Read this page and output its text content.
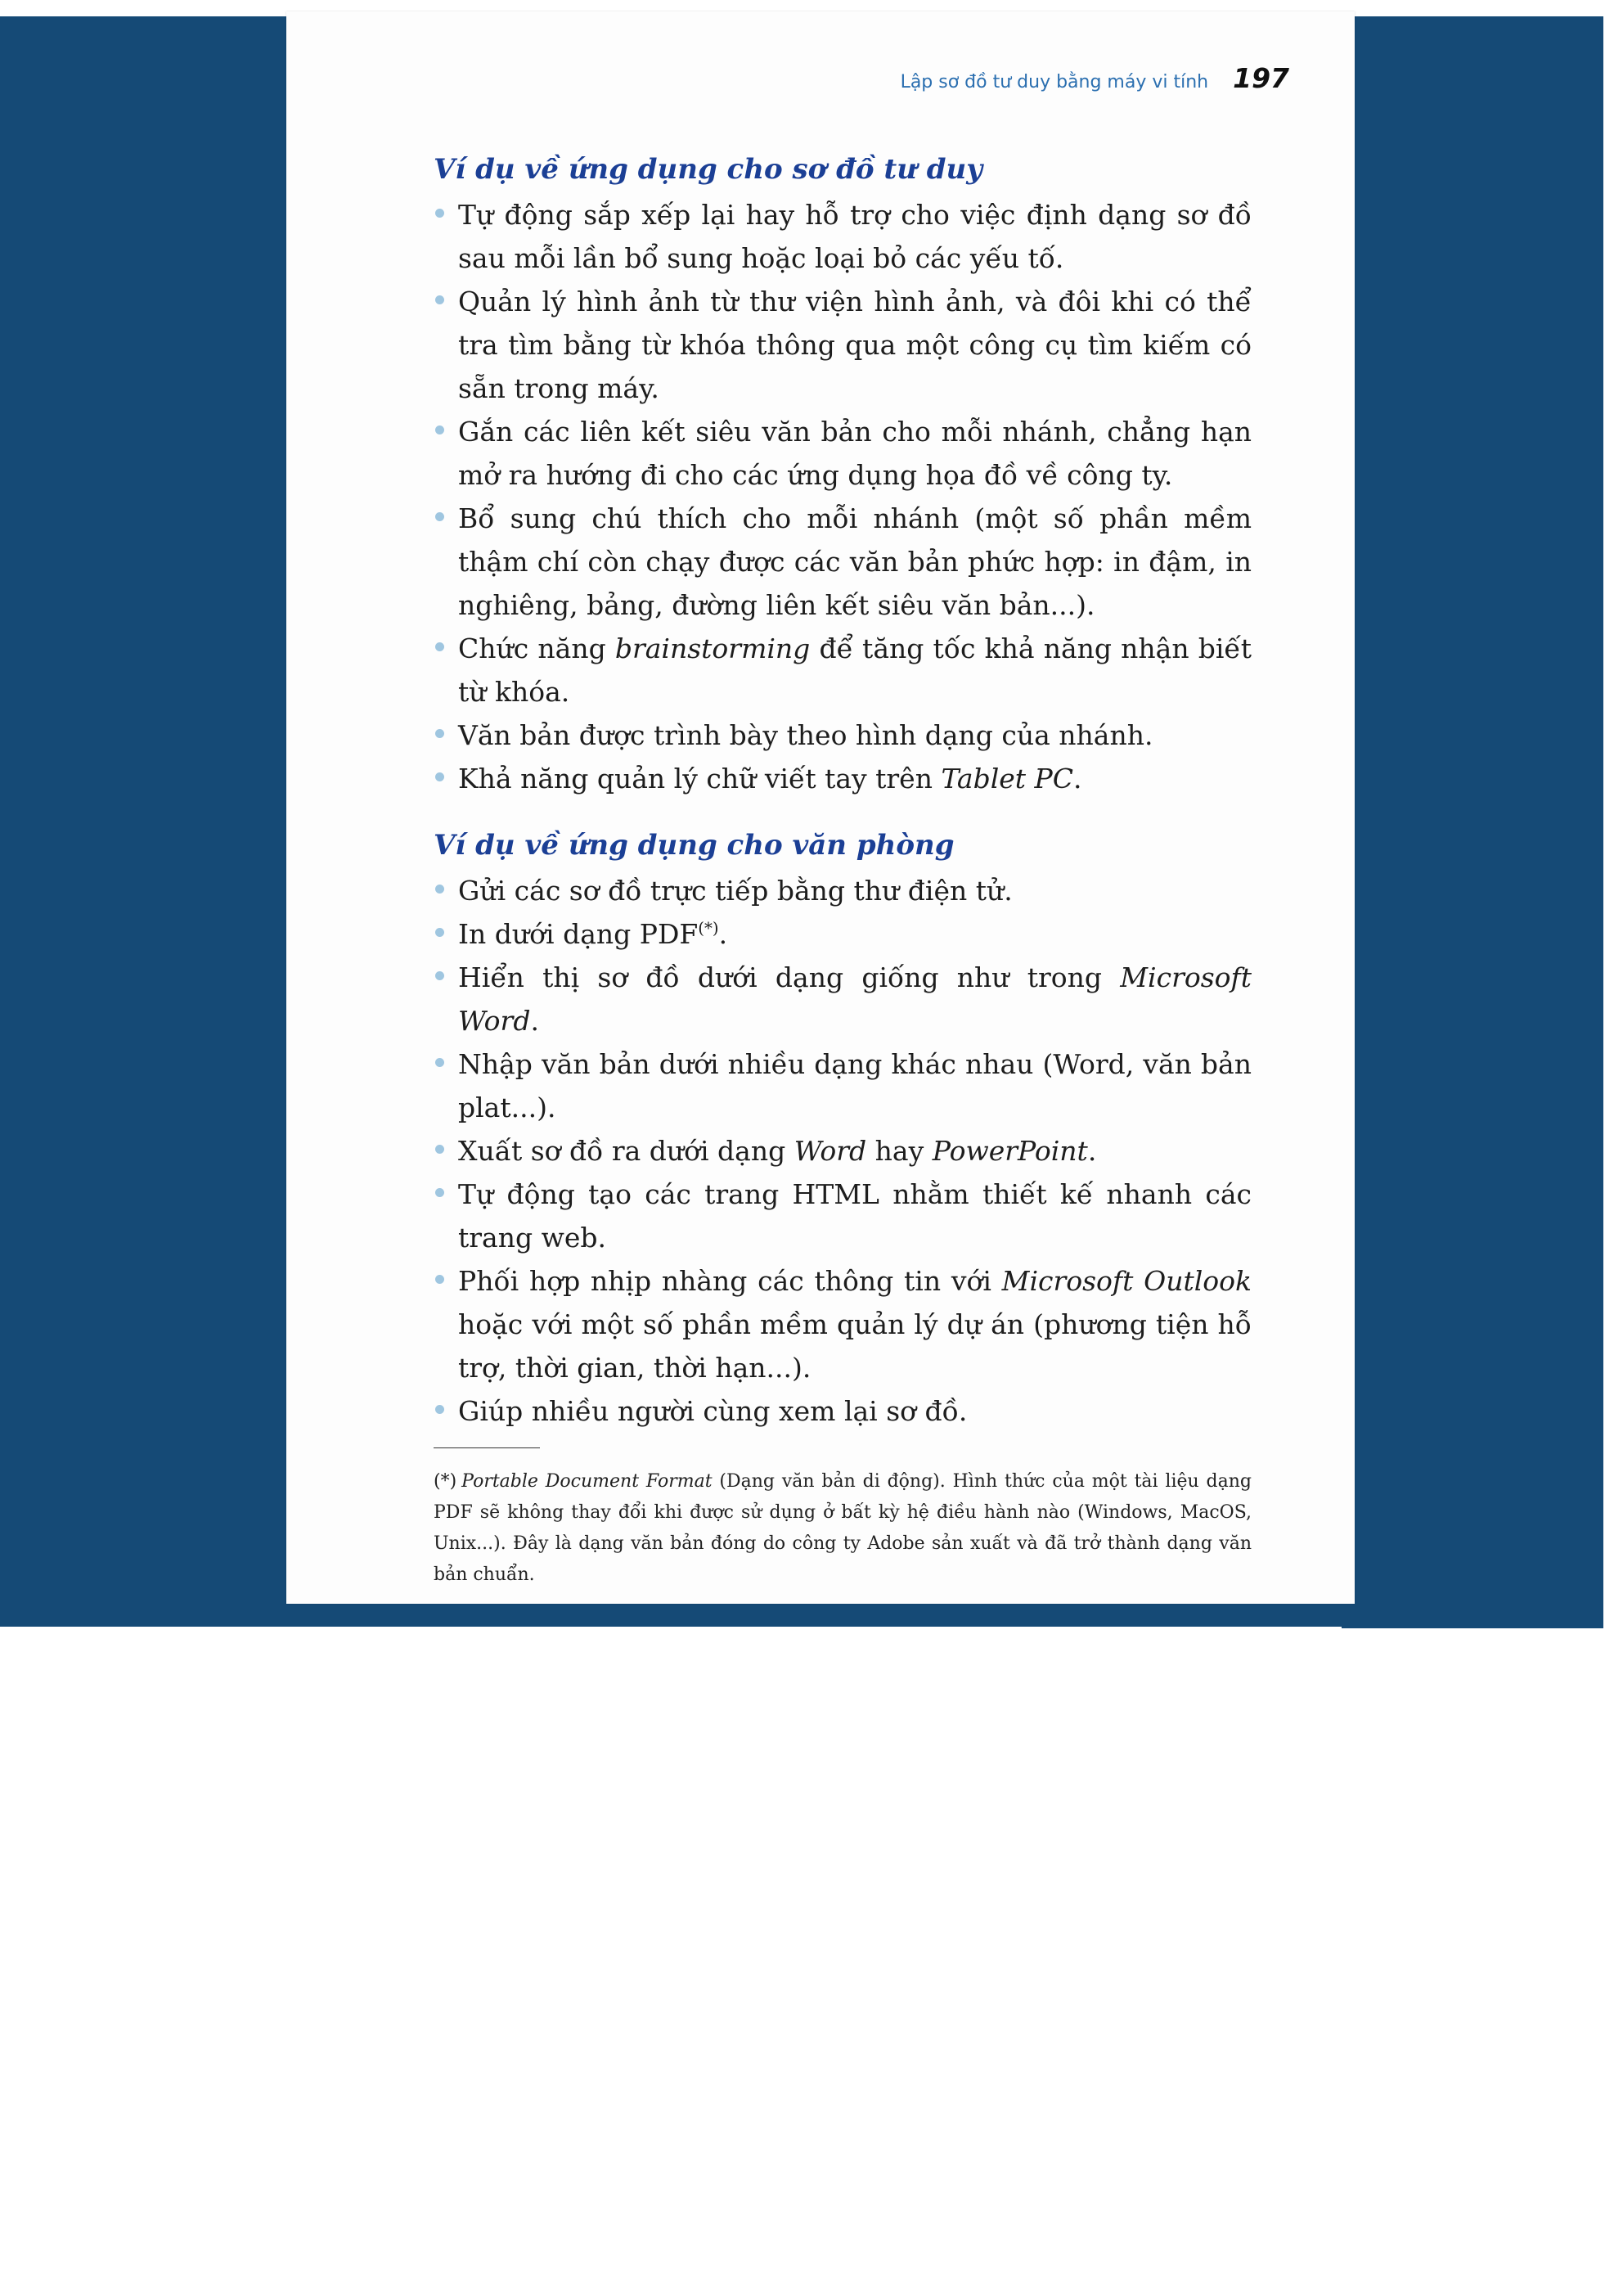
Lập sơ đồ tư duy bằng máy vi tính 197
Ví dụ về ứng dụng cho sơ đồ tư duy
Tự động sắp xếp lại hay hỗ trợ cho việc định dạng sơ đồ sau mỗi lần bổ sung hoặc loại bỏ các yếu tố.
Quản lý hình ảnh từ thư viện hình ảnh, và đôi khi có thể tra tìm bằng từ khóa thông qua một công cụ tìm kiếm có sẵn trong máy.
Gắn các liên kết siêu văn bản cho mỗi nhánh, chẳng hạn mở ra hướng đi cho các ứng dụng họa đồ về công ty.
Bổ sung chú thích cho mỗi nhánh (một số phần mềm thậm chí còn chạy được các văn bản phức hợp: in đậm, in nghiêng, bảng, đường liên kết siêu văn bản...).
Chức năng brainstorming để tăng tốc khả năng nhận biết từ khóa.
Văn bản được trình bày theo hình dạng của nhánh.
Khả năng quản lý chữ viết tay trên Tablet PC.
Ví dụ về ứng dụng cho văn phòng
Gửi các sơ đồ trực tiếp bằng thư điện tử.
In dưới dạng PDF(*).
Hiển thị sơ đồ dưới dạng giống như trong Microsoft Word.
Nhập văn bản dưới nhiều dạng khác nhau (Word, văn bản plat...).
Xuất sơ đồ ra dưới dạng Word hay PowerPoint.
Tự động tạo các trang HTML nhằm thiết kế nhanh các trang web.
Phối hợp nhịp nhàng các thông tin với Microsoft Outlook hoặc với một số phần mềm quản lý dự án (phương tiện hỗ trợ, thời gian, thời hạn...).
Giúp nhiều người cùng xem lại sơ đồ.

(*) Portable Document Format (Dạng văn bản di động). Hình thức của một tài liệu dạng PDF sẽ không thay đổi khi được sử dụng ở bất kỳ hệ điều hành nào (Windows, MacOS, Unix...). Đây là dạng văn bản đóng do công ty Adobe sản xuất và đã trở thành dạng văn bản chuẩn.
